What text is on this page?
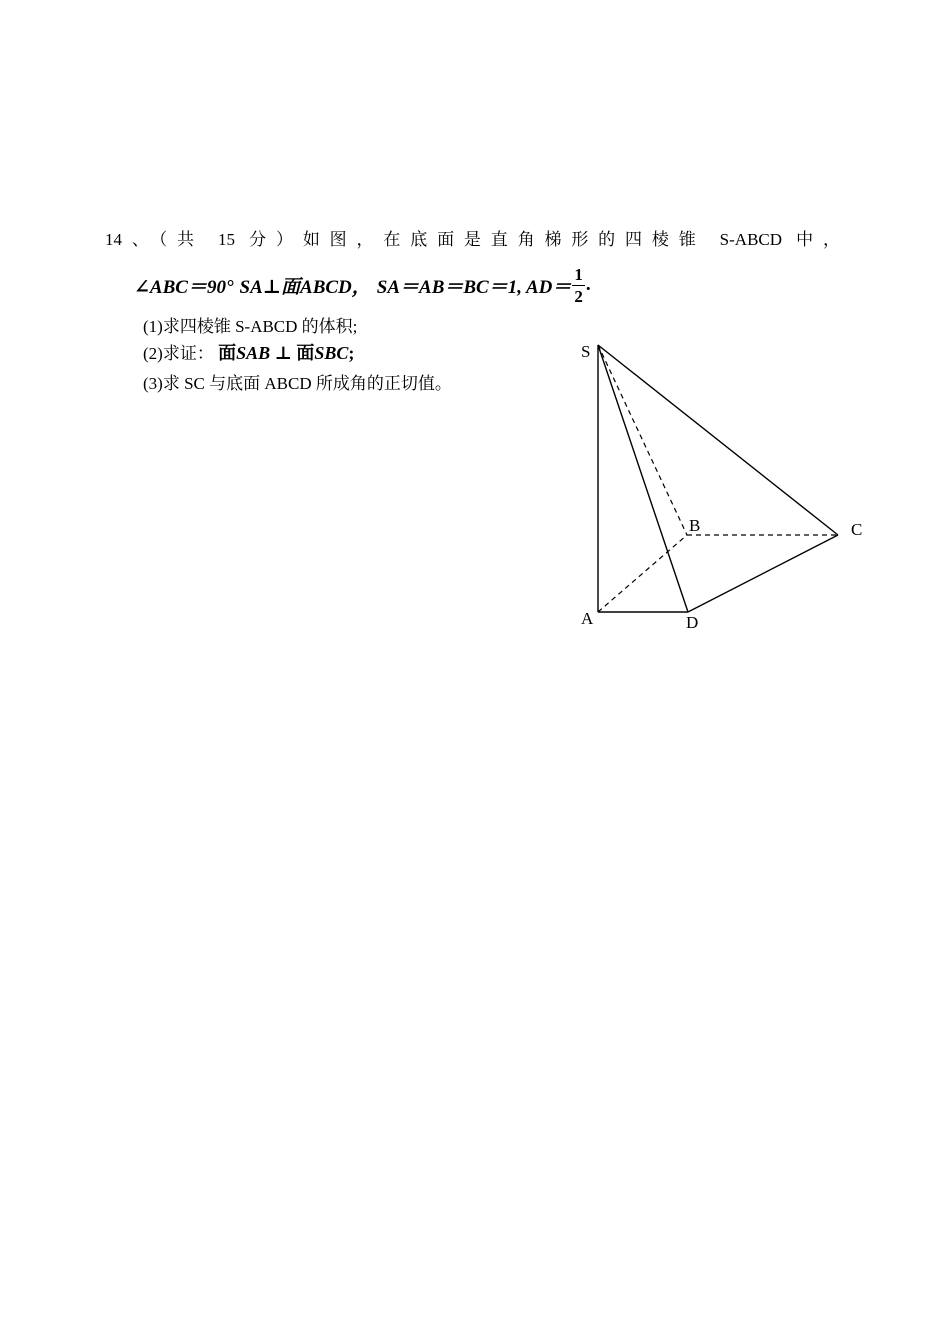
14、（共 15 分）如图，在底面是直角梯形的四棱锥 S-ABCD 中，
∠ABC＝90° SA⊥面ABCD， SA＝AB＝BC＝1, $AD= \frac{1}{2}$ .
(1)求四棱锥 S-ABCD 的体积;
(2)求证： 面SAB ⊥ 面SBC;
(3)求 SC 与底面 ABCD 所成角的正切值。
S
B	C
A	D
